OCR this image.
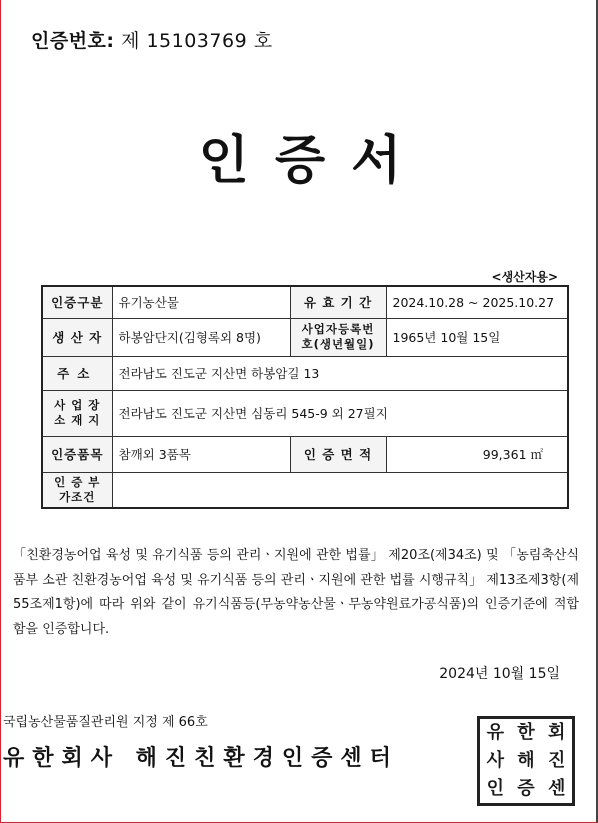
인증번호: 제 15103769 호
인증서
<생산자용>
인증구분	유기농산물	유 효 기 간	2024.10.28 ~ 2025.10.27
생 산 자	하봉암단지(김형록외 8명)	사업자등록번호(생년월일)	1965년 10월 15일
주소	전라남도 진도군 지산면 하봉암길 13		
사 업 장 소 재 지	전라남도 진도군 지산면 심동리 545-9 외 27필지		
인증품목	참깨외 3품목	인 증 면 적	99,361 ㎡
인 증 부가조건			
「친환경농어업 육성 및 유기식품 등의 관리ㆍ지원에 관한 법률」 제20조(제34조) 및 「농림축산식품부 소관 친환경농어업 육성 및 유기식품 등의 관리ㆍ지원에 관한 법률 시행규칙」 제13조제3항(제55조제1항)에 따라 위와 같이 유기식품등(무농약농산물ㆍ무농약원료가공식품)의 인증기준에 적합함을 인증합니다.
2024년 10월 15일
국립농산물품질관리원 지정 제 66호
유한회사 해진친환경인증센터
유 한 회
사 해 진
인 증 센
